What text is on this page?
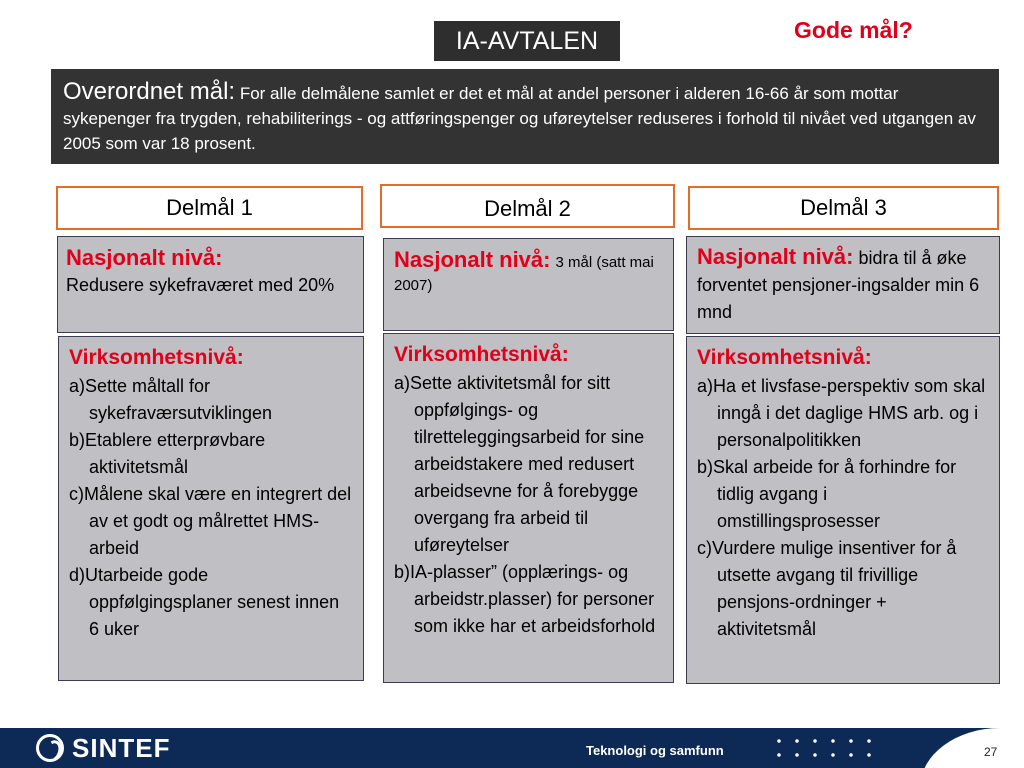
IA-AVTALEN	Gode mål?
Overordnet mål: For alle delmålene samlet er det et mål at andel personer i alderen 16-66 år som mottar sykepenger fra trygden, rehabiliterings - og attføringspenger og uføreytelser reduseres i forhold til nivået ved utgangen av 2005 som var 18 prosent.
Delmål 1
Nasjonalt nivå:
Redusere sykefraværet med 20%
Virksomhetsnivå:
a)Sette måltall for sykefraværsutviklingen
b)Etablere etterprøvbare aktivitetsmål
c)Målene skal være en integrert del av et godt og målrettet HMS-arbeid
d)Utarbeide gode oppfølgingsplaner senest innen 6 uker
Delmål 2
Nasjonalt nivå: 3 mål (satt mai 2007)
Virksomhetsnivå:
a)Sette aktivitetsmål for sitt oppfølgings- og tilretteleggingsarbeid for sine arbeidstakere med redusert arbeidsevne for å forebygge overgang fra arbeid til uføreytelser
b)IA-plasser” (opplærings- og arbeidstr.plasser) for personer som ikke har et arbeidsforhold
Delmål 3
Nasjonalt nivå: bidra til å øke forventet pensjoner-ingsalder min 6 mnd
Virksomhetsnivå:
a)Ha et livsfase-perspektiv som skal inngå i det daglige HMS arb. og i personalpolitikken
b)Skal arbeide for å forhindre for tidlig avgang i omstillingsprosesser
c)Vurdere mulige insentiver for å utsette avgang til frivillige pensjons-ordninger + aktivitetsmål
SINTEF	Teknologi og samfunn	27
